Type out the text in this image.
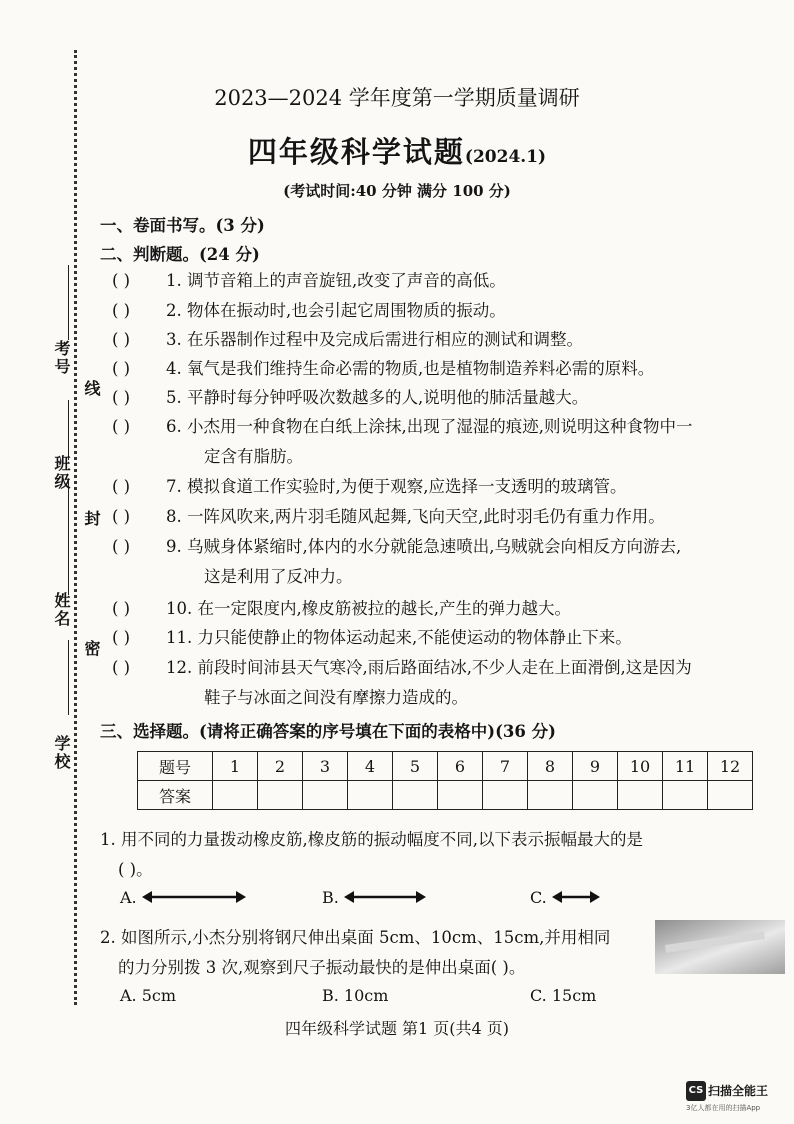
考号
线
班级
封
姓名
密
学校
2023—2024 学年度第一学期质量调研
四年级科学试题(2024.1)
(考试时间:40 分钟 满分 100 分)
一、卷面书写。(3 分)
二、判断题。(24 分)
( ) 1. 调节音箱上的声音旋钮,改变了声音的高低。
( ) 2. 物体在振动时,也会引起它周围物质的振动。
( ) 3. 在乐器制作过程中及完成后需进行相应的测试和调整。
( ) 4. 氧气是我们维持生命必需的物质,也是植物制造养料必需的原料。
( ) 5. 平静时每分钟呼吸次数越多的人,说明他的肺活量越大。
( ) 6. 小杰用一种食物在白纸上涂抹,出现了湿湿的痕迹,则说明这种食物中一
定含有脂肪。
( ) 7. 模拟食道工作实验时,为便于观察,应选择一支透明的玻璃管。
( ) 8. 一阵风吹来,两片羽毛随风起舞,飞向天空,此时羽毛仍有重力作用。
( ) 9. 乌贼身体紧缩时,体内的水分就能急速喷出,乌贼就会向相反方向游去,
这是利用了反冲力。
( ) 10. 在一定限度内,橡皮筋被拉的越长,产生的弹力越大。
( ) 11. 力只能使静止的物体运动起来,不能使运动的物体静止下来。
( ) 12. 前段时间沛县天气寒冷,雨后路面结冰,不少人走在上面滑倒,这是因为
鞋子与冰面之间没有摩擦力造成的。
三、选择题。(请将正确答案的序号填在下面的表格中)(36 分)
题号	1	2	3	4	5	6	7	8	9	10	11	12
答案												
1. 用不同的力量拨动橡皮筋,橡皮筋的振动幅度不同,以下表示振幅最大的是
( )。
A.	B.	C.
2. 如图所示,小杰分别将钢尺伸出桌面 5cm、10cm、15cm,并用相同
的力分别拨 3 次,观察到尺子振动最快的是伸出桌面( )。
A. 5cm	B. 10cm	C. 15cm
四年级科学试题 第1 页(共4 页)
CS 扫描全能王
3亿人都在用的扫描App
